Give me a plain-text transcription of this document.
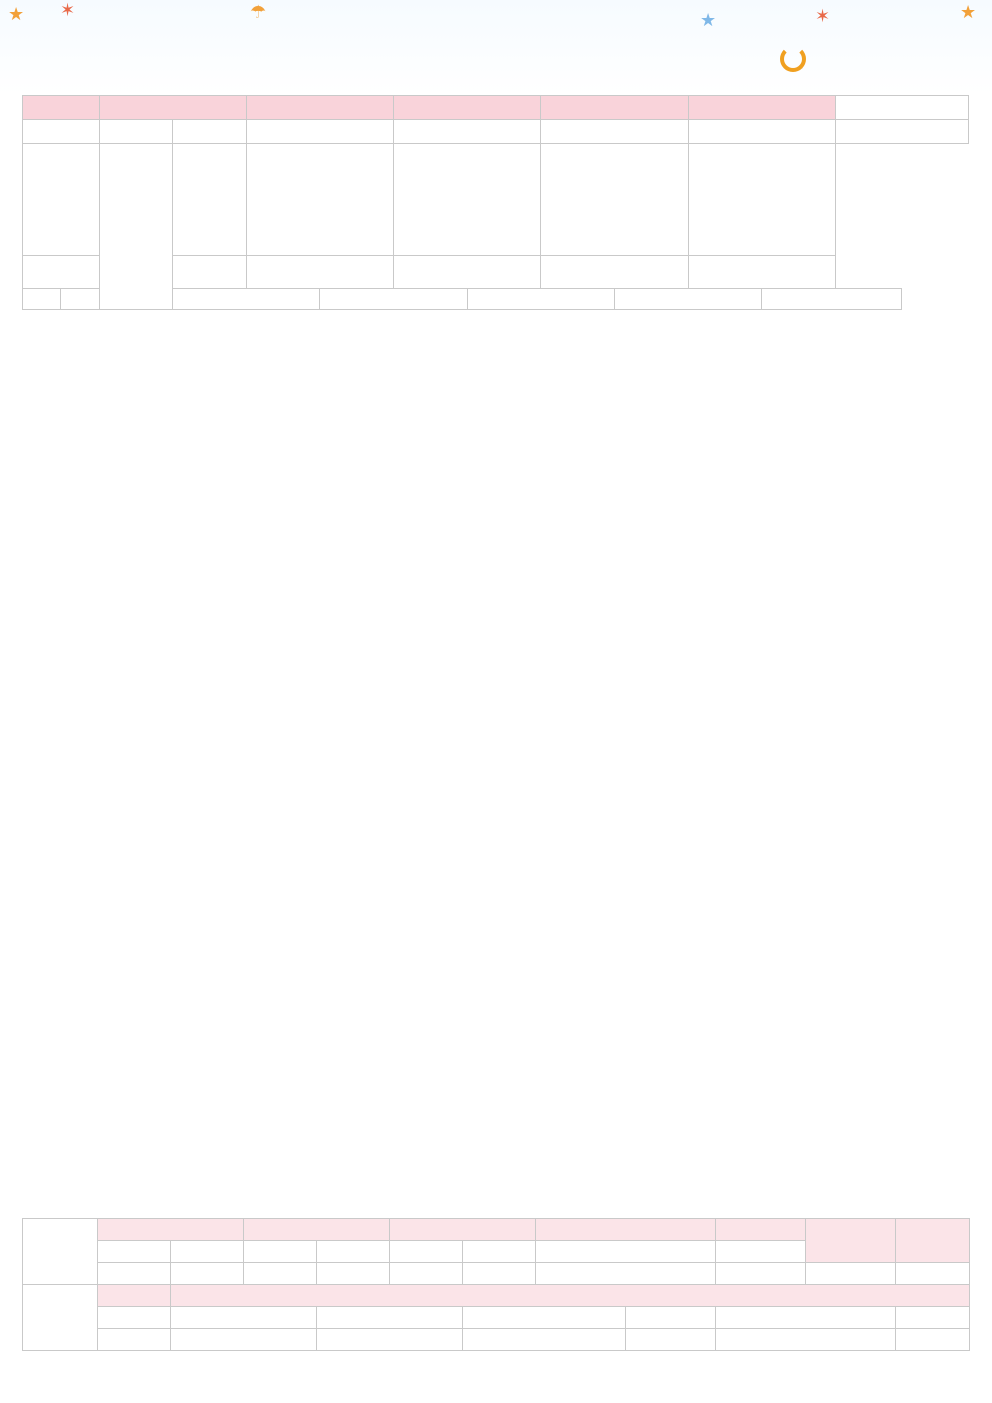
★ ✶	☂	★	✶	★
